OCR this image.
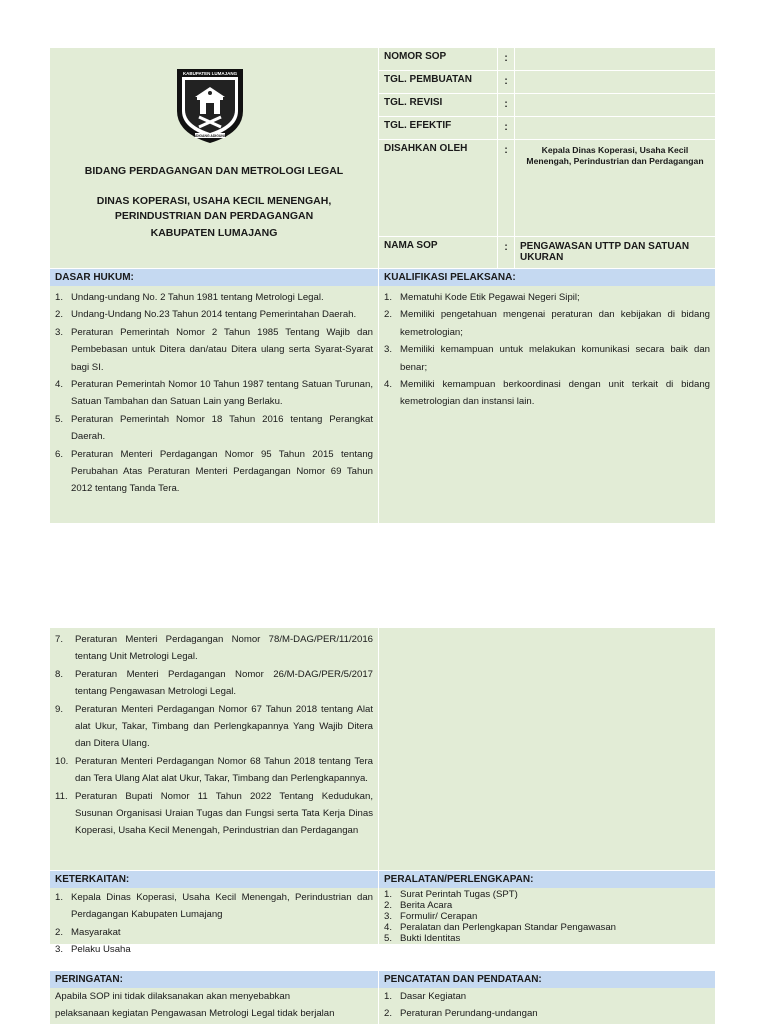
KABUPATEN LUMAJANG
ADIGANG ADIGUNG
BIDANG PERDAGANGAN DAN METROLOGI LEGAL
DINAS KOPERASI, USAHA KECIL MENENGAH,
PERINDUSTRIAN DAN PERDAGANGAN
KABUPATEN LUMAJANG
NOMOR SOP	:
TGL. PEMBUATAN	:
TGL. REVISI	:
TGL. EFEKTIF	:
DISAHKAN OLEH	:	Kepala Dinas Koperasi, Usaha Kecil Menengah, Perindustrian dan Perdagangan
NAMA SOP	:	PENGAWASAN UTTP DAN SATUAN UKURAN
DASAR HUKUM:
1. Undang-undang No. 2 Tahun 1981 tentang Metrologi Legal.
2. Undang-Undang No.23 Tahun 2014 tentang Pemerintahan Daerah.
3. Peraturan Pemerintah Nomor 2 Tahun 1985 Tentang Wajib dan Pembebasan untuk Ditera dan/atau Ditera ulang serta Syarat-Syarat bagi SI.
4. Peraturan Pemerintah Nomor 10 Tahun 1987 tentang Satuan Turunan, Satuan Tambahan dan Satuan Lain yang Berlaku.
5. Peraturan Pemerintah Nomor 18 Tahun 2016 tentang Perangkat Daerah.
6. Peraturan Menteri Perdagangan Nomor 95 Tahun 2015 tentang Perubahan Atas Peraturan Menteri Perdagangan Nomor 69 Tahun 2012 tentang Tanda Tera.
KUALIFIKASI PELAKSANA:
1. Mematuhi Kode Etik Pegawai Negeri Sipil;
2. Memiliki pengetahuan mengenai peraturan dan kebijakan di bidang kemetrologian;
3. Memiliki kemampuan untuk melakukan komunikasi secara baik dan benar;
4. Memiliki kemampuan berkoordinasi dengan unit terkait di bidang kemetrologian dan instansi lain.
7. Peraturan Menteri Perdagangan Nomor 78/M-DAG/PER/11/2016 tentang Unit Metrologi Legal.
8. Peraturan Menteri Perdagangan Nomor 26/M-DAG/PER/5/2017 tentang Pengawasan Metrologi Legal.
9. Peraturan Menteri Perdagangan Nomor 67 Tahun 2018 tentang Alat alat Ukur, Takar, Timbang dan Perlengkapannya Yang Wajib Ditera dan Ditera Ulang.
10. Peraturan Menteri Perdagangan Nomor 68 Tahun 2018 tentang Tera dan Tera Ulang Alat alat Ukur, Takar, Timbang dan Perlengkapannya.
11. Peraturan Bupati Nomor 11 Tahun 2022 Tentang Kedudukan, Susunan Organisasi Uraian Tugas dan Fungsi serta Tata Kerja Dinas Koperasi, Usaha Kecil Menengah, Perindustrian dan Perdagangan
KETERKAITAN:
1. Kepala Dinas Koperasi, Usaha Kecil Menengah, Perindustrian dan Perdagangan Kabupaten Lumajang
2. Masyarakat
3. Pelaku Usaha
PERALATAN/PERLENGKAPAN:
1. Surat Perintah Tugas (SPT)
2. Berita Acara
3. Formulir/ Cerapan
4. Peralatan dan Perlengkapan Standar Pengawasan
5. Bukti Identitas
PERINGATAN:
Apabila SOP ini tidak dilaksanakan akan menyebabkan
pelaksanaan kegiatan Pengawasan Metrologi Legal tidak berjalan
PENCATATAN DAN PENDATAAN:
1. Dasar Kegiatan
2. Peraturan Perundang-undangan
